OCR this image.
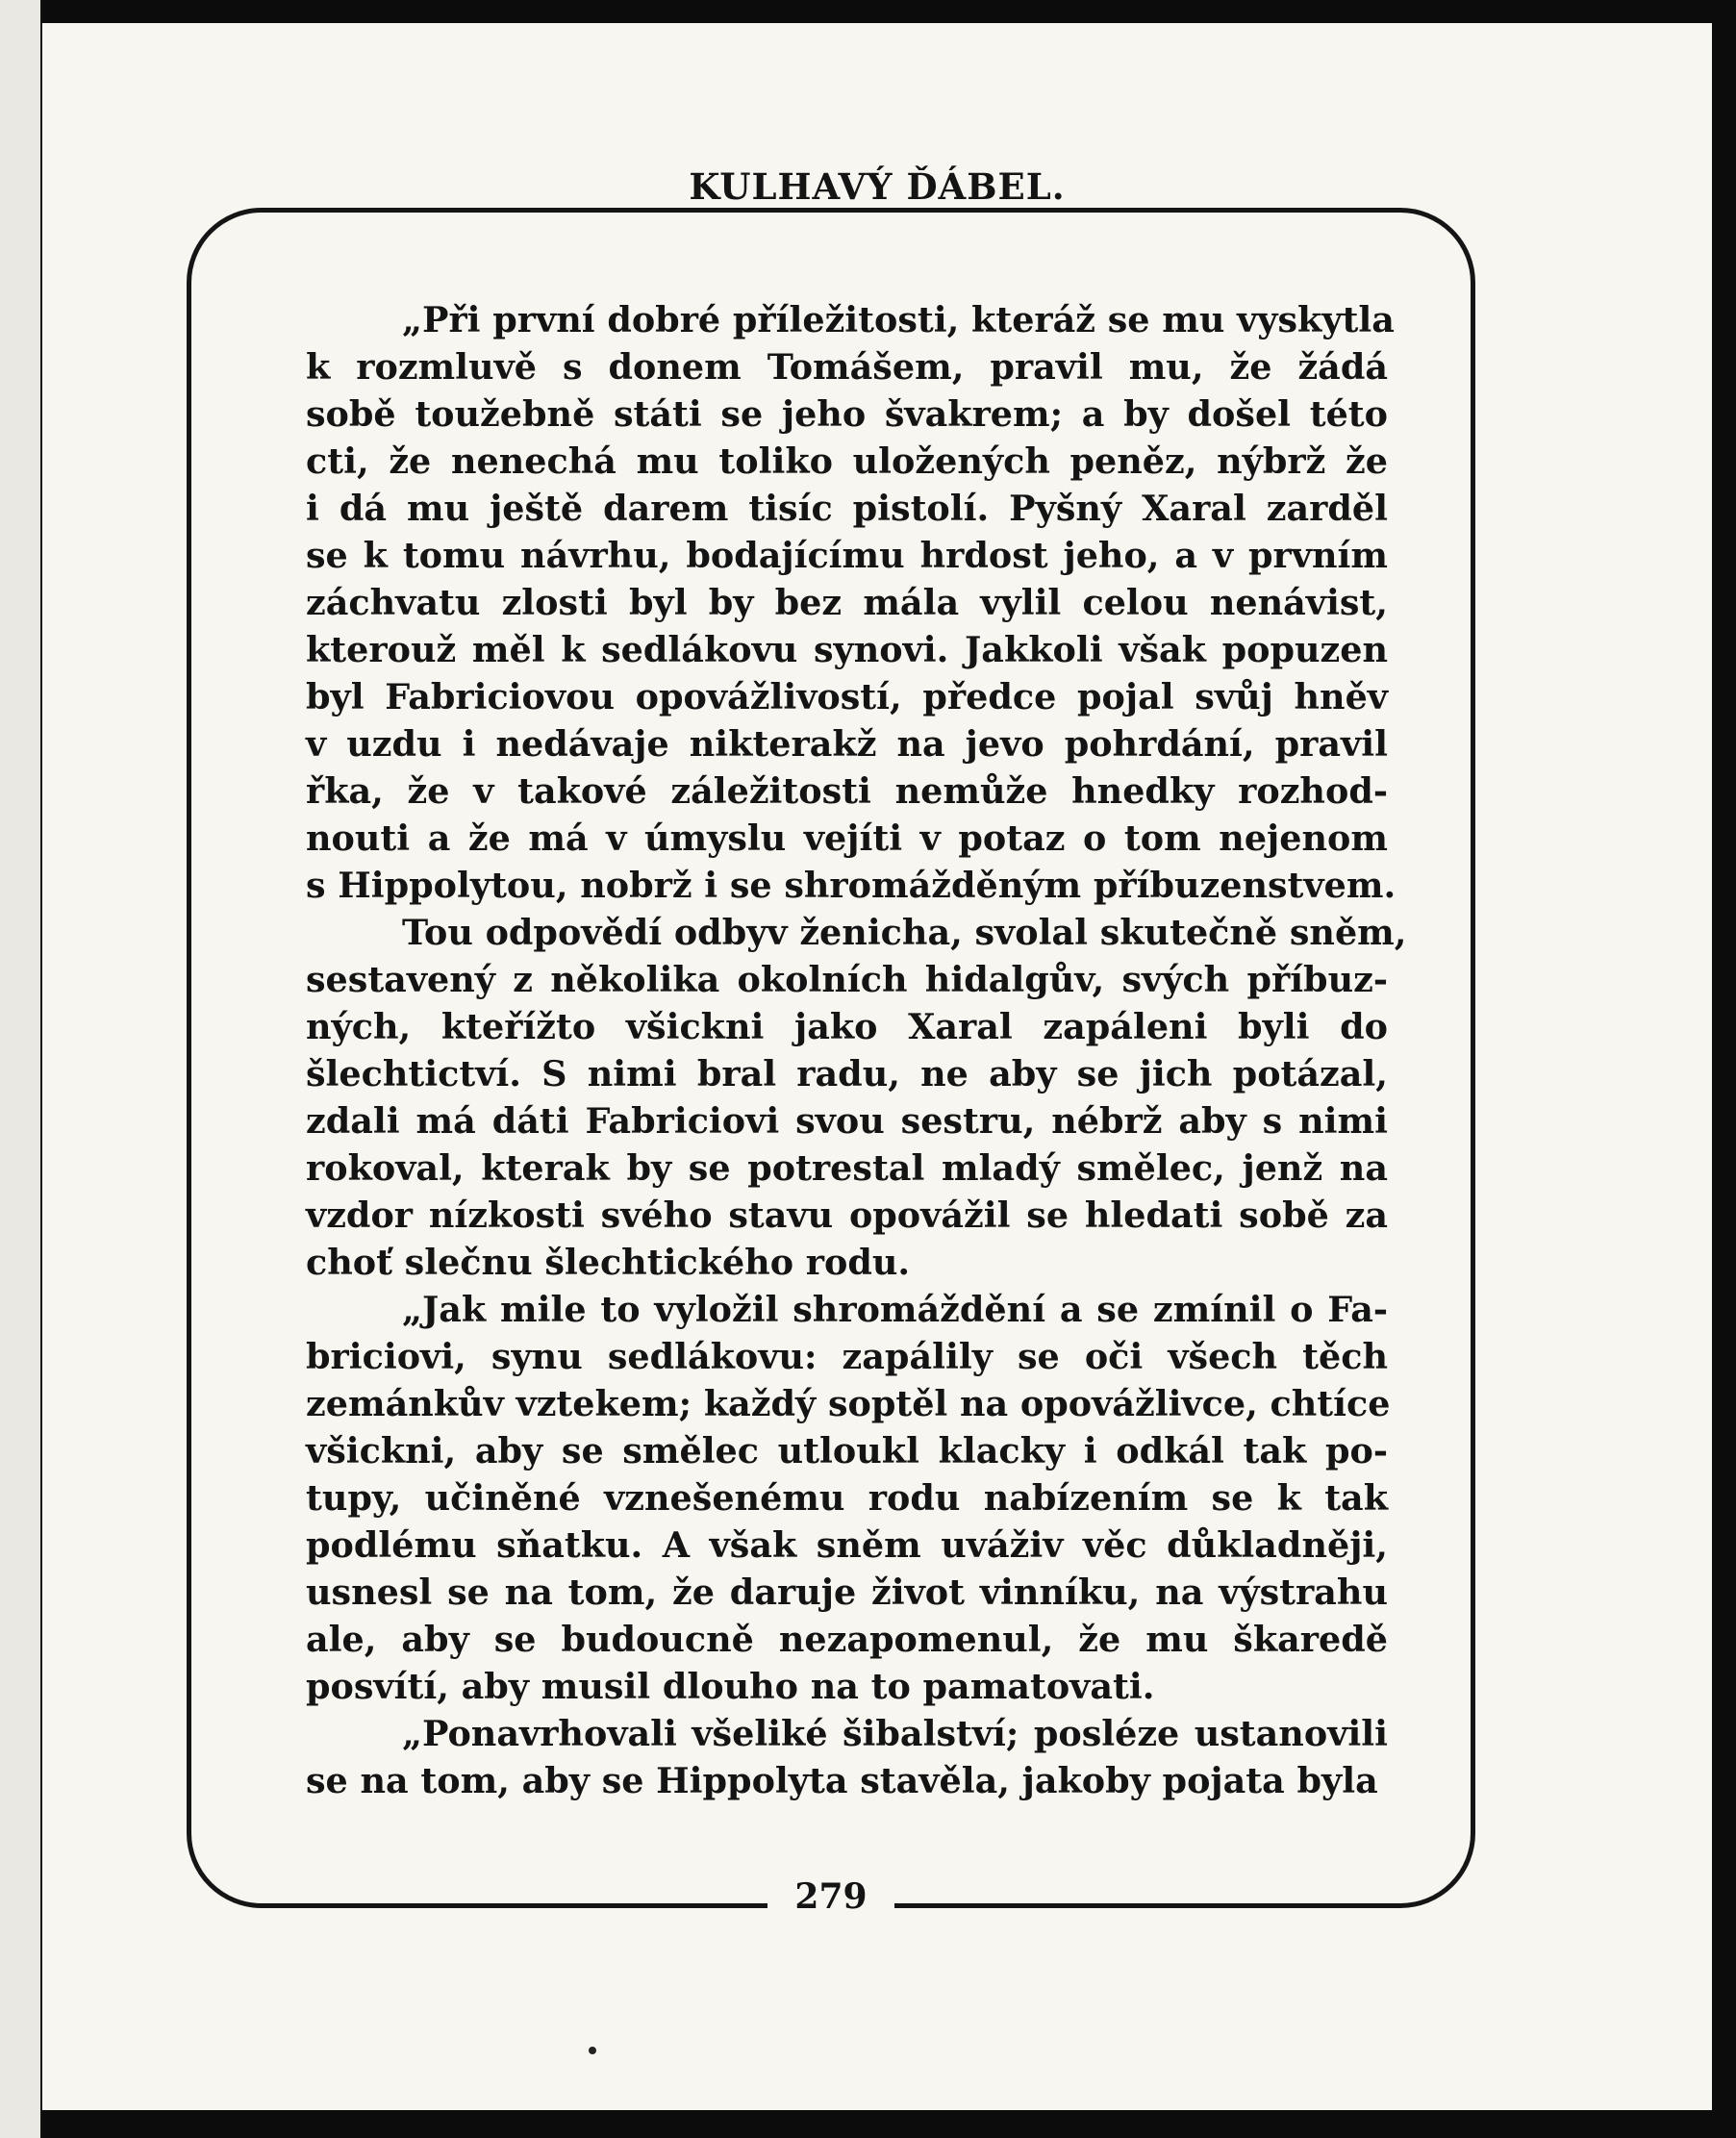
KULHAVÝ ĎÁBEL.

„Při první dobré příležitosti, kteráž se mu vyskytla
k rozmluvě s donem Tomášem, pravil mu, že žádá
sobě toužebně státi se jeho švakrem; a by došel této
cti, že nenechá mu toliko uložených peněz, nýbrž že
i dá mu ještě darem tisíc pistolí. Pyšný Xaral zarděl
se k tomu návrhu, bodajícímu hrdost jeho, a v prvním
záchvatu zlosti byl by bez mála vylil celou nenávist,
kterouž měl k sedlákovu synovi. Jakkoli však popuzen
byl Fabriciovou opovážlivostí, předce pojal svůj hněv
v uzdu i nedávaje nikterakž na jevo pohrdání, pravil
řka, že v takové záležitosti nemůže hnedky rozhod-
nouti a že má v úmyslu vejíti v potaz o tom nejenom
s Hippolytou, nobrž i se shromážděným příbuzenstvem.

Tou odpovědí odbyv ženicha, svolal skutečně sněm,
sestavený z několika okolních hidalgův, svých příbuz-
ných, kteřížto všickni jako Xaral zapáleni byli do
šlechtictví. S nimi bral radu, ne aby se jich potázal,
zdali má dáti Fabriciovi svou sestru, nébrž aby s nimi
rokoval, kterak by se potrestal mladý smělec, jenž na
vzdor nízkosti svého stavu opovážil se hledati sobě za
choť slečnu šlechtického rodu.

„Jak mile to vyložil shromáždění a se zmínil o Fa-
briciovi, synu sedlákovu: zapálily se oči všech těch
zemánkův vztekem; každý soptěl na opovážlivce, chtíce
všickni, aby se smělec utloukl klacky i odkál tak po-
tupy, učiněné vznešenému rodu nabízením se k tak
podlému sňatku. A však sněm uváživ věc důkladněji,
usnesl se na tom, že daruje život vinníku, na výstrahu
ale, aby se budoucně nezapomenul, že mu škaredě
posvítí, aby musil dlouho na to pamatovati.

„Ponavrhovali všeliké šibalství; posléze ustanovili
se na tom, aby se Hippolyta stavěla, jakoby pojata byla

279
